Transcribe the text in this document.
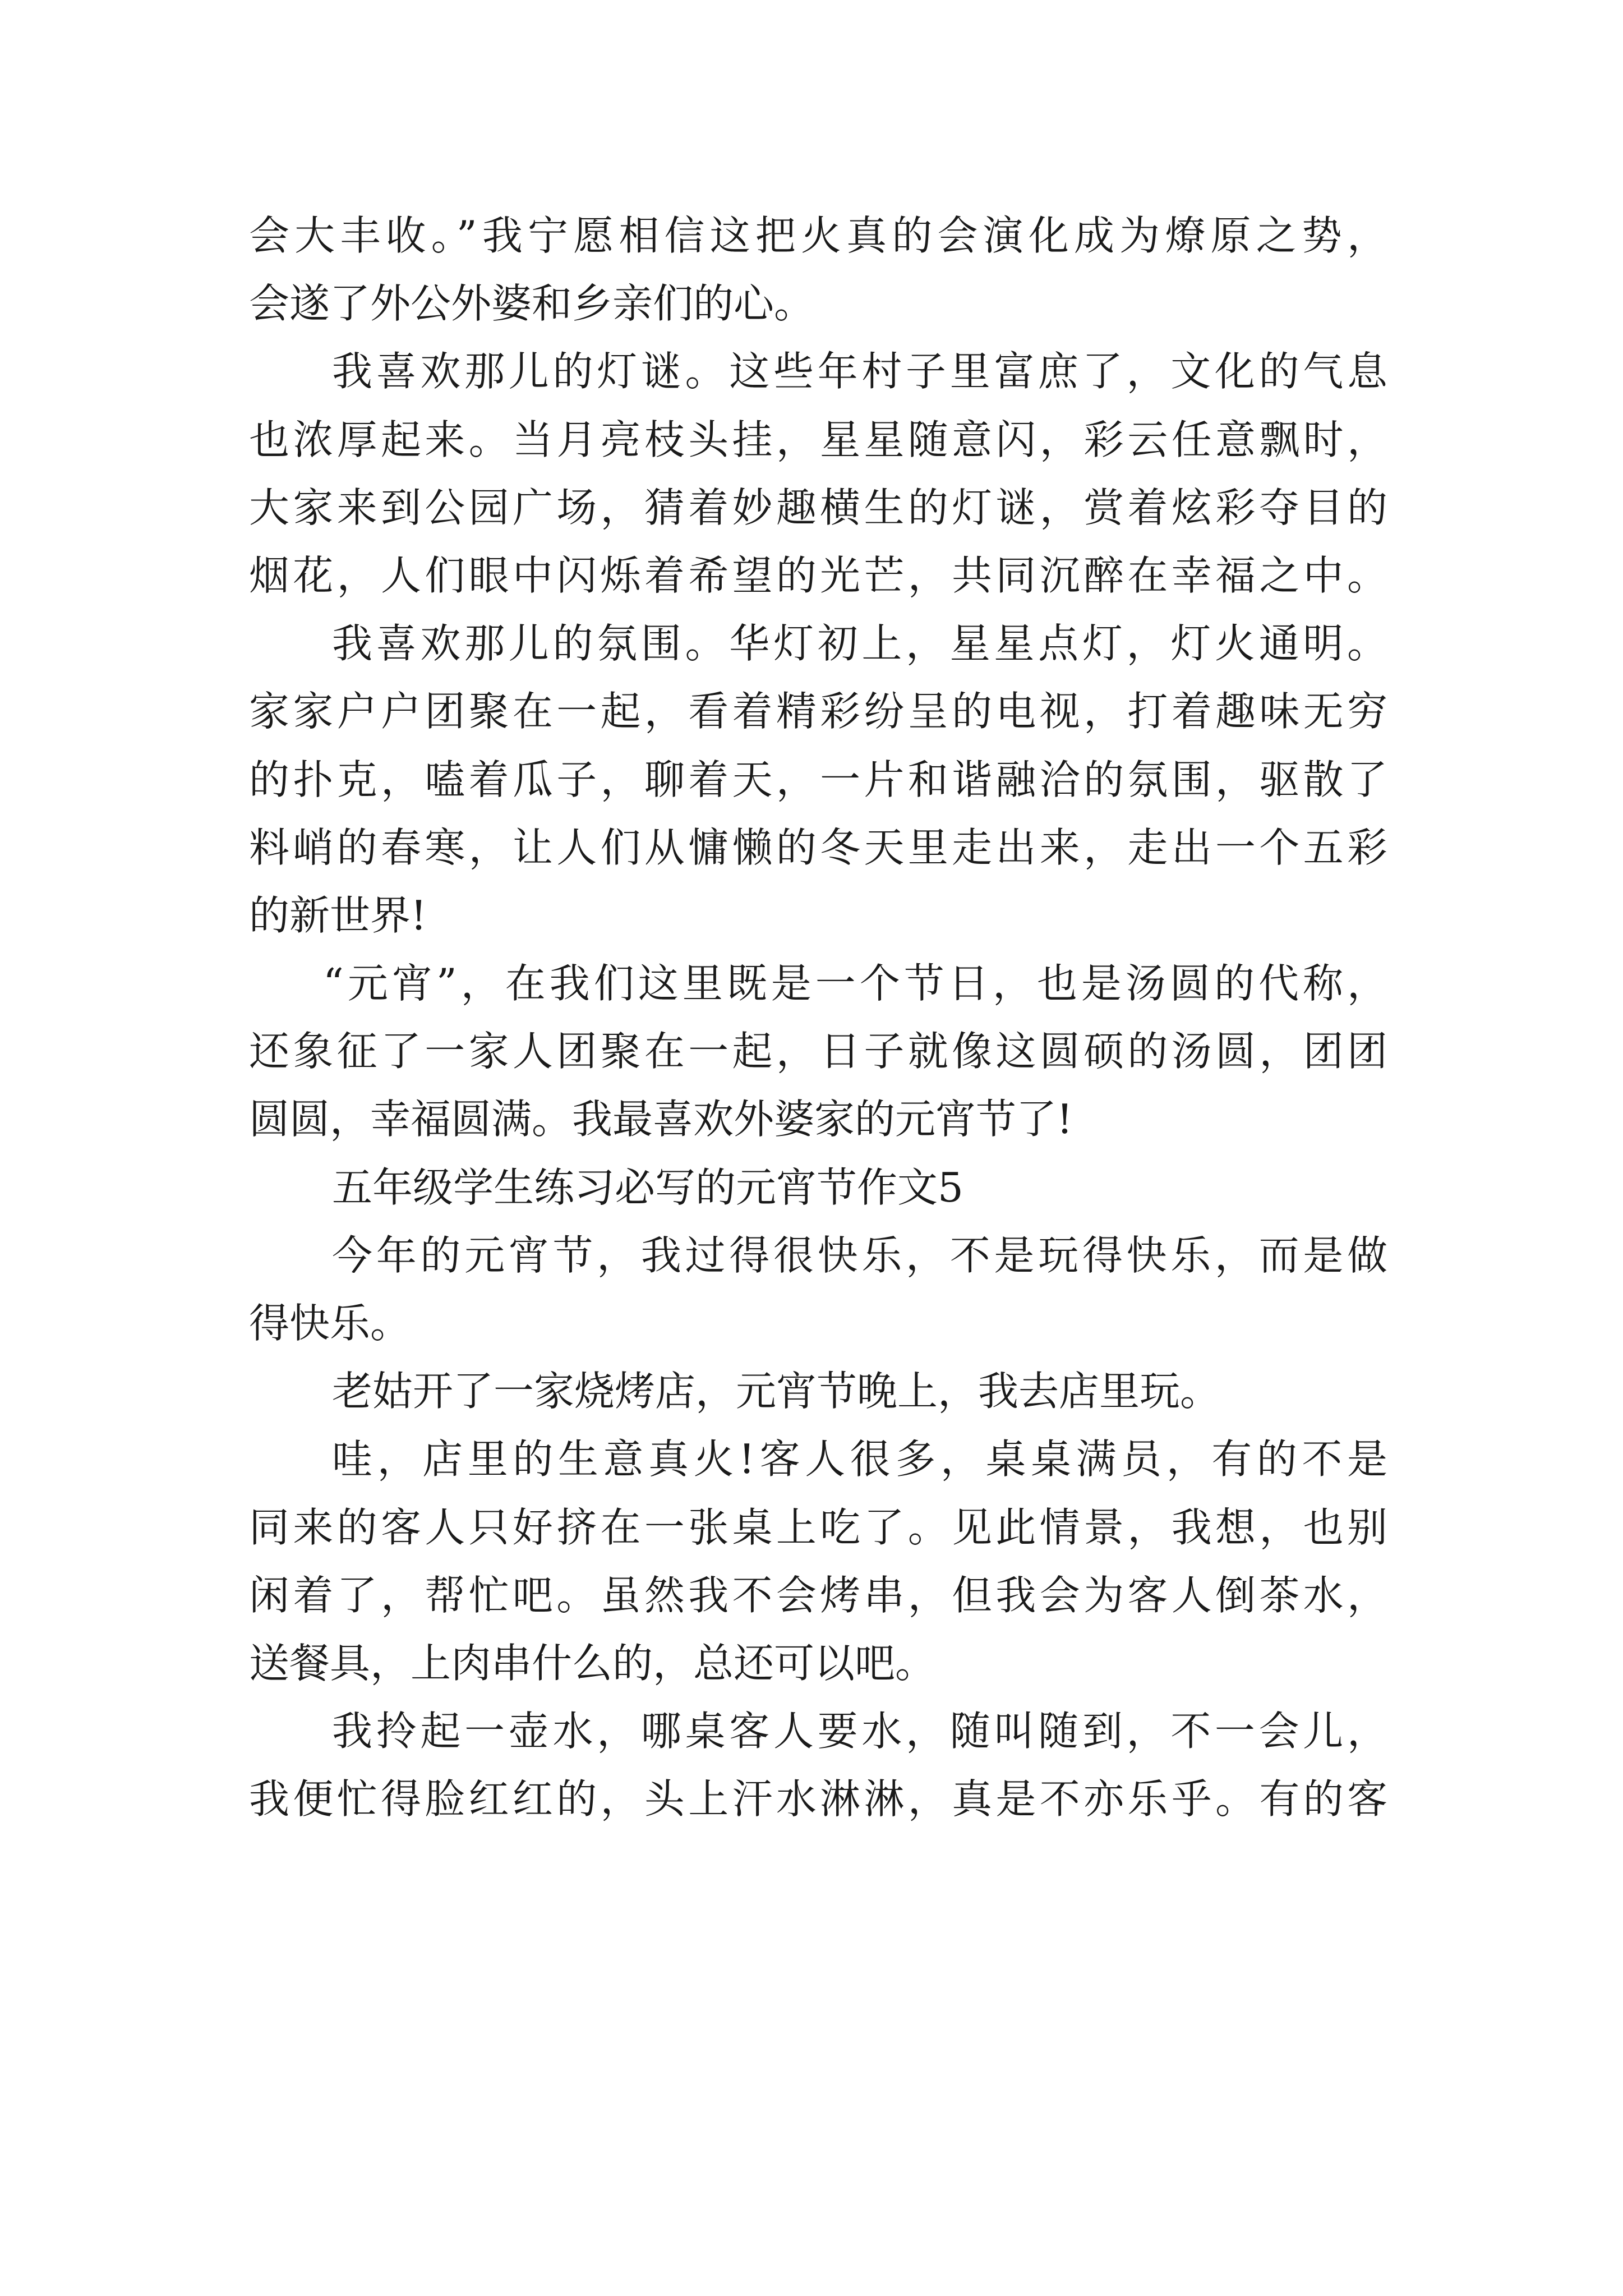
会大丰收。”我宁愿相信这把火真的会演化成为燎原之势，
会遂了外公外婆和乡亲们的心。
我喜欢那儿的灯谜。这些年村子里富庶了，文化的气息
也浓厚起来。当月亮枝头挂，星星随意闪，彩云任意飘时，
大家来到公园广场，猜着妙趣横生的灯谜，赏着炫彩夺目的
烟花，人们眼中闪烁着希望的光芒，共同沉醉在幸福之中。
我喜欢那儿的氛围。华灯初上，星星点灯，灯火通明。
家家户户团聚在一起，看着精彩纷呈的电视，打着趣味无穷
的扑克，嗑着瓜子，聊着天，一片和谐融洽的氛围，驱散了
料峭的春寒，让人们从慵懒的冬天里走出来，走出一个五彩
的新世界!
“元宵”，在我们这里既是一个节日，也是汤圆的代称，
还象征了一家人团聚在一起，日子就像这圆硕的汤圆，团团
圆圆，幸福圆满。我最喜欢外婆家的元宵节了!
五年级学生练习必写的元宵节作文5
今年的元宵节，我过得很快乐，不是玩得快乐，而是做
得快乐。
老姑开了一家烧烤店，元宵节晚上，我去店里玩。
哇，店里的生意真火!客人很多，桌桌满员，有的不是
同来的客人只好挤在一张桌上吃了。见此情景，我想，也别
闲着了，帮忙吧。虽然我不会烤串，但我会为客人倒茶水，
送餐具，上肉串什么的，总还可以吧。
我拎起一壶水，哪桌客人要水，随叫随到，不一会儿，
我便忙得脸红红的，头上汗水淋淋，真是不亦乐乎。有的客
